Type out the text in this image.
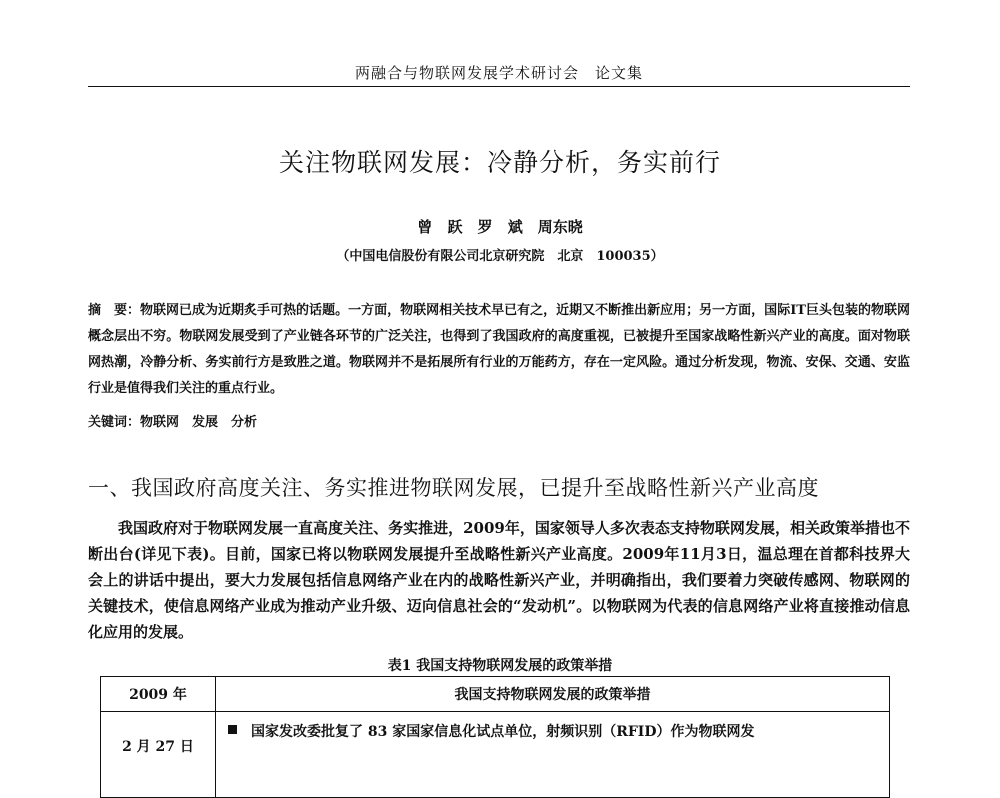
两融合与物联网发展学术研讨会　论文集
关注物联网发展：冷静分析，务实前行
曾 跃　罗 斌　周东晓
（中国电信股份有限公司北京研究院　北京　100035）
摘　要：物联网已成为近期炙手可热的话题。一方面，物联网相关技术早已有之，近期又不断推出新应用；另一方面，国际IT巨头包装的物联网概念层出不穷。物联网发展受到了产业链各环节的广泛关注，也得到了我国政府的高度重视，已被提升至国家战略性新兴产业的高度。面对物联网热潮，冷静分析、务实前行方是致胜之道。物联网并不是拓展所有行业的万能药方，存在一定风险。通过分析发现，物流、安保、交通、安监行业是值得我们关注的重点行业。
关键词：物联网　发展　分析
一、我国政府高度关注、务实推进物联网发展，已提升至战略性新兴产业高度

我国政府对于物联网发展一直高度关注、务实推进，2009年，国家领导人多次表态支持物联网发展，相关政策举措也不断出台(详见下表)。目前，国家已将以物联网发展提升至战略性新兴产业高度。2009年11月3日，温总理在首都科技界大会上的讲话中提出，要大力发展包括信息网络产业在内的战略性新兴产业，并明确指出，我们要着力突破传感网、物联网的关键技术，使信息网络产业成为推动产业升级、迈向信息社会的“发动机”。以物联网为代表的信息网络产业将直接推动信息化应用的发展。

表1 我国支持物联网发展的政策举措
2009 年	我国支持物联网发展的政策举措
2 月 27 日	国家发改委批复了 83 家国家信息化试点单位，射频识别（RFID）作为物联网发
